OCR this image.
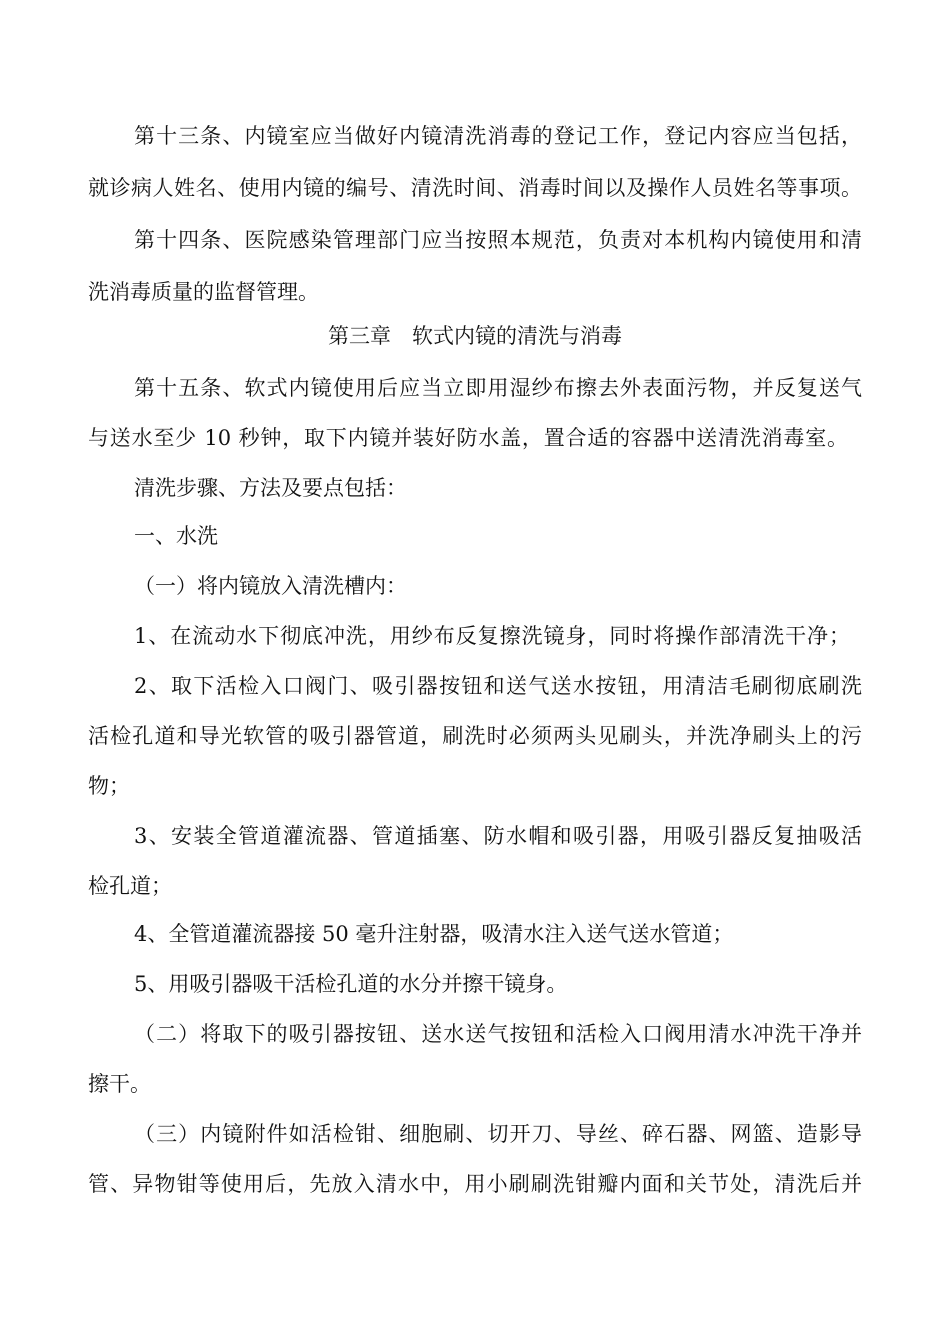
第十三条、内镜室应当做好内镜清洗消毒的登记工作，登记内容应当包括，
就诊病人姓名、使用内镜的编号、清洗时间、消毒时间以及操作人员姓名等事项。
第十四条、医院感染管理部门应当按照本规范，负责对本机构内镜使用和清
洗消毒质量的监督管理。
第三章　软式内镜的清洗与消毒
第十五条、软式内镜使用后应当立即用湿纱布擦去外表面污物，并反复送气
与送水至少 10 秒钟，取下内镜并装好防水盖，置合适的容器中送清洗消毒室。
清洗步骤、方法及要点包括：
一、水洗
（一）将内镜放入清洗槽内：
1、在流动水下彻底冲洗，用纱布反复擦洗镜身，同时将操作部清洗干净；
2、取下活检入口阀门、吸引器按钮和送气送水按钮，用清洁毛刷彻底刷洗
活检孔道和导光软管的吸引器管道，刷洗时必须两头见刷头，并洗净刷头上的污
物；
3、安装全管道灌流器、管道插塞、防水帽和吸引器，用吸引器反复抽吸活
检孔道；
4、全管道灌流器接 50 毫升注射器，吸清水注入送气送水管道；
5、用吸引器吸干活检孔道的水分并擦干镜身。
（二）将取下的吸引器按钮、送水送气按钮和活检入口阀用清水冲洗干净并
擦干。
（三）内镜附件如活检钳、细胞刷、切开刀、导丝、碎石器、网篮、造影导
管、异物钳等使用后，先放入清水中，用小刷刷洗钳瓣内面和关节处，清洗后并
